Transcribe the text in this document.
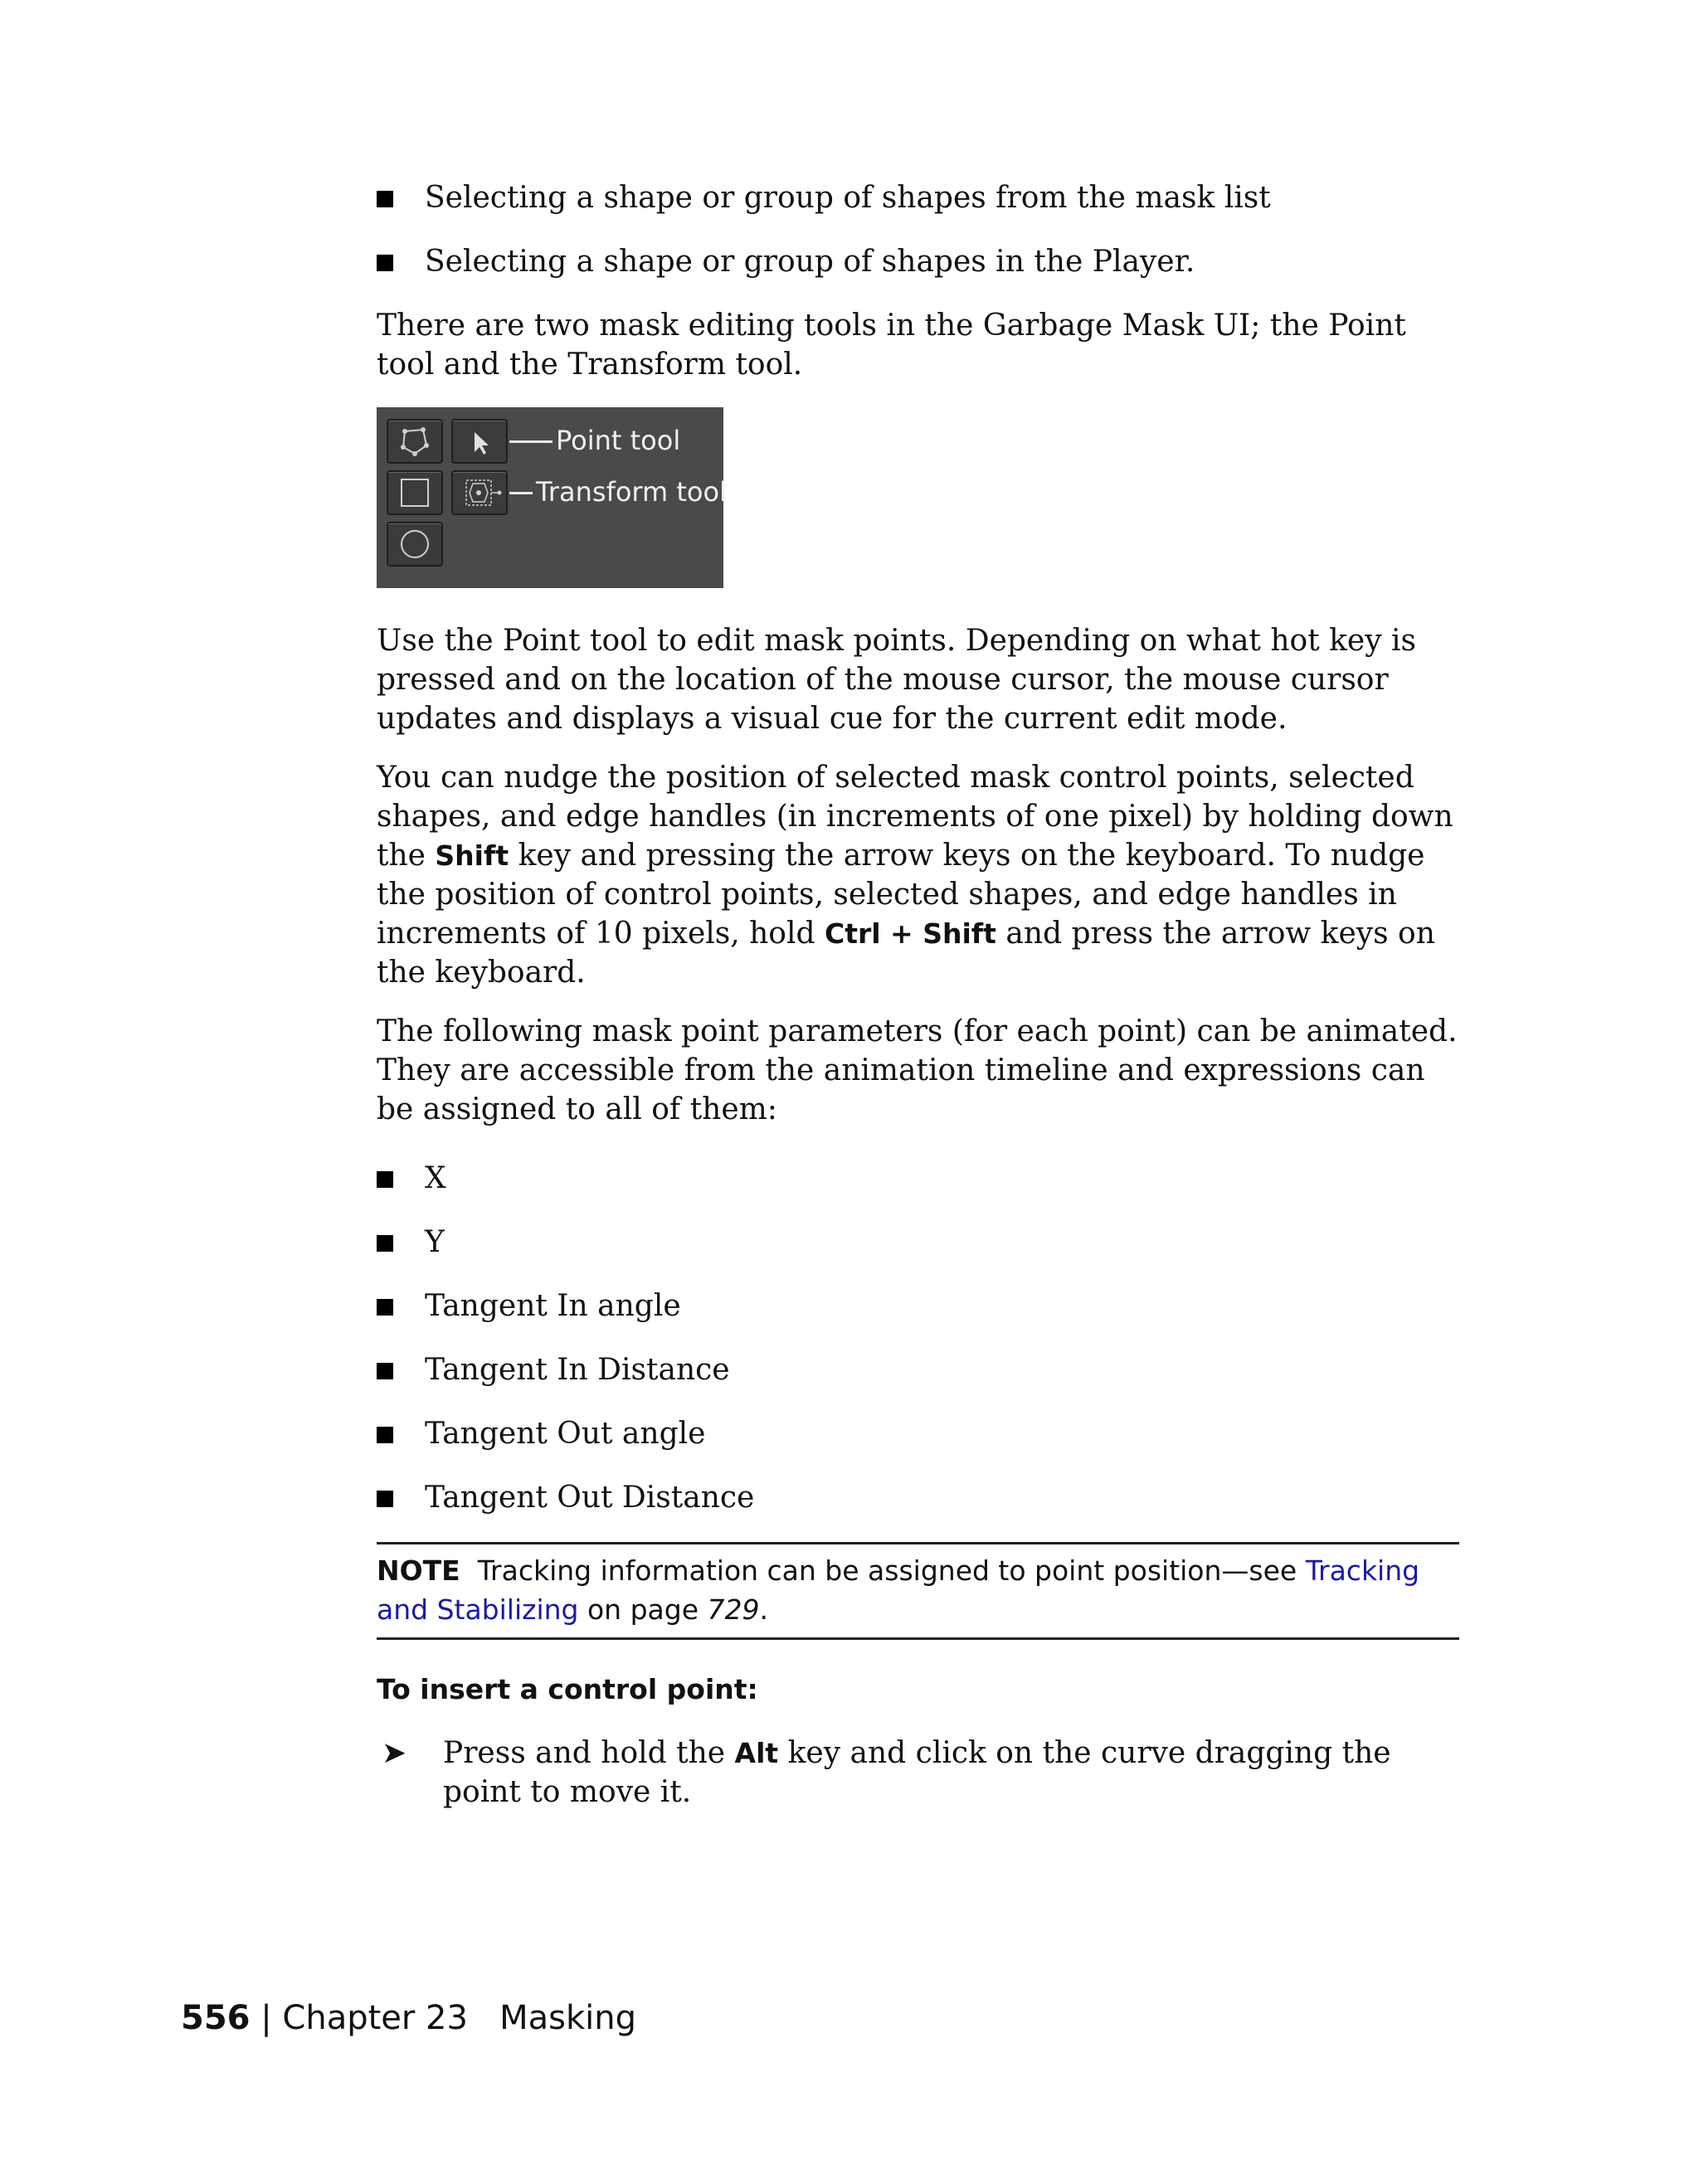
Selecting a shape or group of shapes from the mask list
Selecting a shape or group of shapes in the Player.

There are two mask editing tools in the Garbage Mask UI; the Point tool and the Transform tool.

Point tool
Transform tool

Use the Point tool to edit mask points. Depending on what hot key is pressed and on the location of the mouse cursor, the mouse cursor updates and displays a visual cue for the current edit mode.

You can nudge the position of selected mask control points, selected shapes, and edge handles (in increments of one pixel) by holding down the Shift key and pressing the arrow keys on the keyboard. To nudge the position of control points, selected shapes, and edge handles in increments of 10 pixels, hold Ctrl + Shift and press the arrow keys on the keyboard.

The following mask point parameters (for each point) can be animated. They are accessible from the animation timeline and expressions can be assigned to all of them:

X
Y
Tangent In angle
Tangent In Distance
Tangent Out angle
Tangent Out Distance
NOTE Tracking information can be assigned to point position—see Tracking and Stabilizing on page 729.
To insert a control point:
➤ Press and hold the Alt key and click on the curve dragging the point to move it.
556 | Chapter 23 Masking
